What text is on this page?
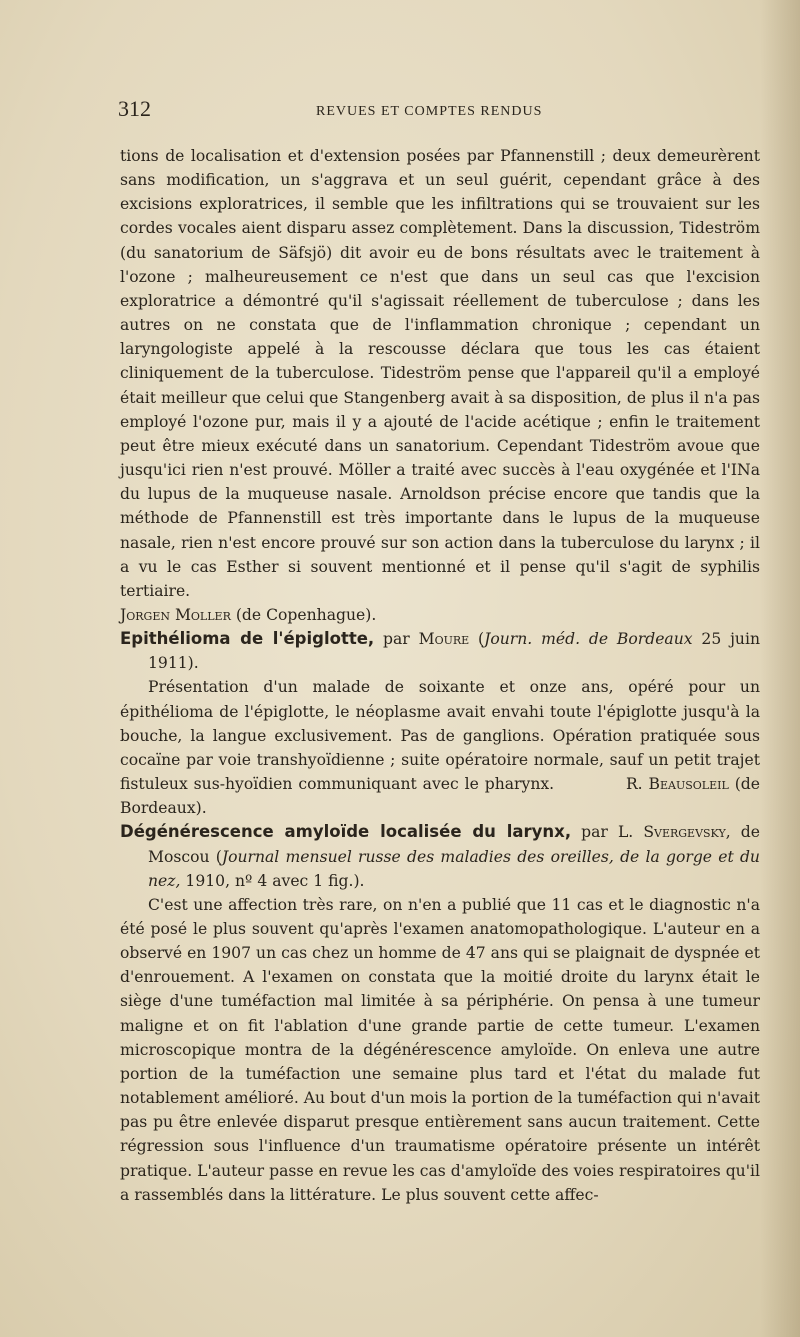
312	REVUES ET COMPTES RENDUS

tions de localisation et d'extension posées par Pfannenstill ; deux demeurèrent sans modification, un s'aggrava et un seul guérit, cependant grâce à des excisions exploratrices, il semble que les infiltrations qui se trouvaient sur les cordes vocales aient disparu assez complètement. Dans la discussion, Tideström (du sanatorium de Säfsjö) dit avoir eu de bons résultats avec le traitement à l'ozone ; malheureusement ce n'est que dans un seul cas que l'excision exploratrice a démontré qu'il s'agissait réellement de tuberculose ; dans les autres on ne constata que de l'inflammation chronique ; cependant un laryngologiste appelé à la rescousse déclara que tous les cas étaient cliniquement de la tuberculose. Tideström pense que l'appareil qu'il a employé était meilleur que celui que Stangenberg avait à sa disposition, de plus il n'a pas employé l'ozone pur, mais il y a ajouté de l'acide acétique ; enfin le traitement peut être mieux exécuté dans un sanatorium. Cependant Tideström avoue que jusqu'ici rien n'est prouvé. Möller a traité avec succès à l'eau oxygénée et l'INa du lupus de la muqueuse nasale. Arnoldson précise encore que tandis que la méthode de Pfannenstill est très importante dans le lupus de la muqueuse nasale, rien n'est encore prouvé sur son action dans la tuberculose du larynx ; il a vu le cas Esther si souvent mentionné et il pense qu'il s'agit de syphilis tertiaire.

Jorgen Moller (de Copenhague).

Epithélioma de l'épiglotte, par Moure (Journ. méd. de Bordeaux 25 juin 1911).

Présentation d'un malade de soixante et onze ans, opéré pour un épithélioma de l'épiglotte, le néoplasme avait envahi toute l'épiglotte jusqu'à la bouche, la langue exclusivement. Pas de ganglions. Opération pratiquée sous cocaïne par voie transhyoïdienne ; suite opératoire normale, sauf un petit trajet fistuleux sus-hyoïdien communiquant avec le pharynx.	R. Beausoleil (de Bordeaux).

Dégénérescence amyloïde localisée du larynx, par L. Svergevsky, de Moscou (Journal mensuel russe des maladies des oreilles, de la gorge et du nez, 1910, nº 4 avec 1 fig.).

C'est une affection très rare, on n'en a publié que 11 cas et le diagnostic n'a été posé le plus souvent qu'après l'examen anatomopathologique. L'auteur en a observé en 1907 un cas chez un homme de 47 ans qui se plaignait de dyspnée et d'enrouement. A l'examen on constata que la moitié droite du larynx était le siège d'une tuméfaction mal limitée à sa périphérie. On pensa à une tumeur maligne et on fit l'ablation d'une grande partie de cette tumeur. L'examen microscopique montra de la dégénérescence amyloïde. On enleva une autre portion de la tuméfaction une semaine plus tard et l'état du malade fut notablement amélioré. Au bout d'un mois la portion de la tuméfaction qui n'avait pas pu être enlevée disparut presque entièrement sans aucun traitement. Cette régression sous l'influence d'un traumatisme opératoire présente un intérêt pratique. L'auteur passe en revue les cas d'amyloïde des voies respiratoires qu'il a rassemblés dans la littérature. Le plus souvent cette affec-
